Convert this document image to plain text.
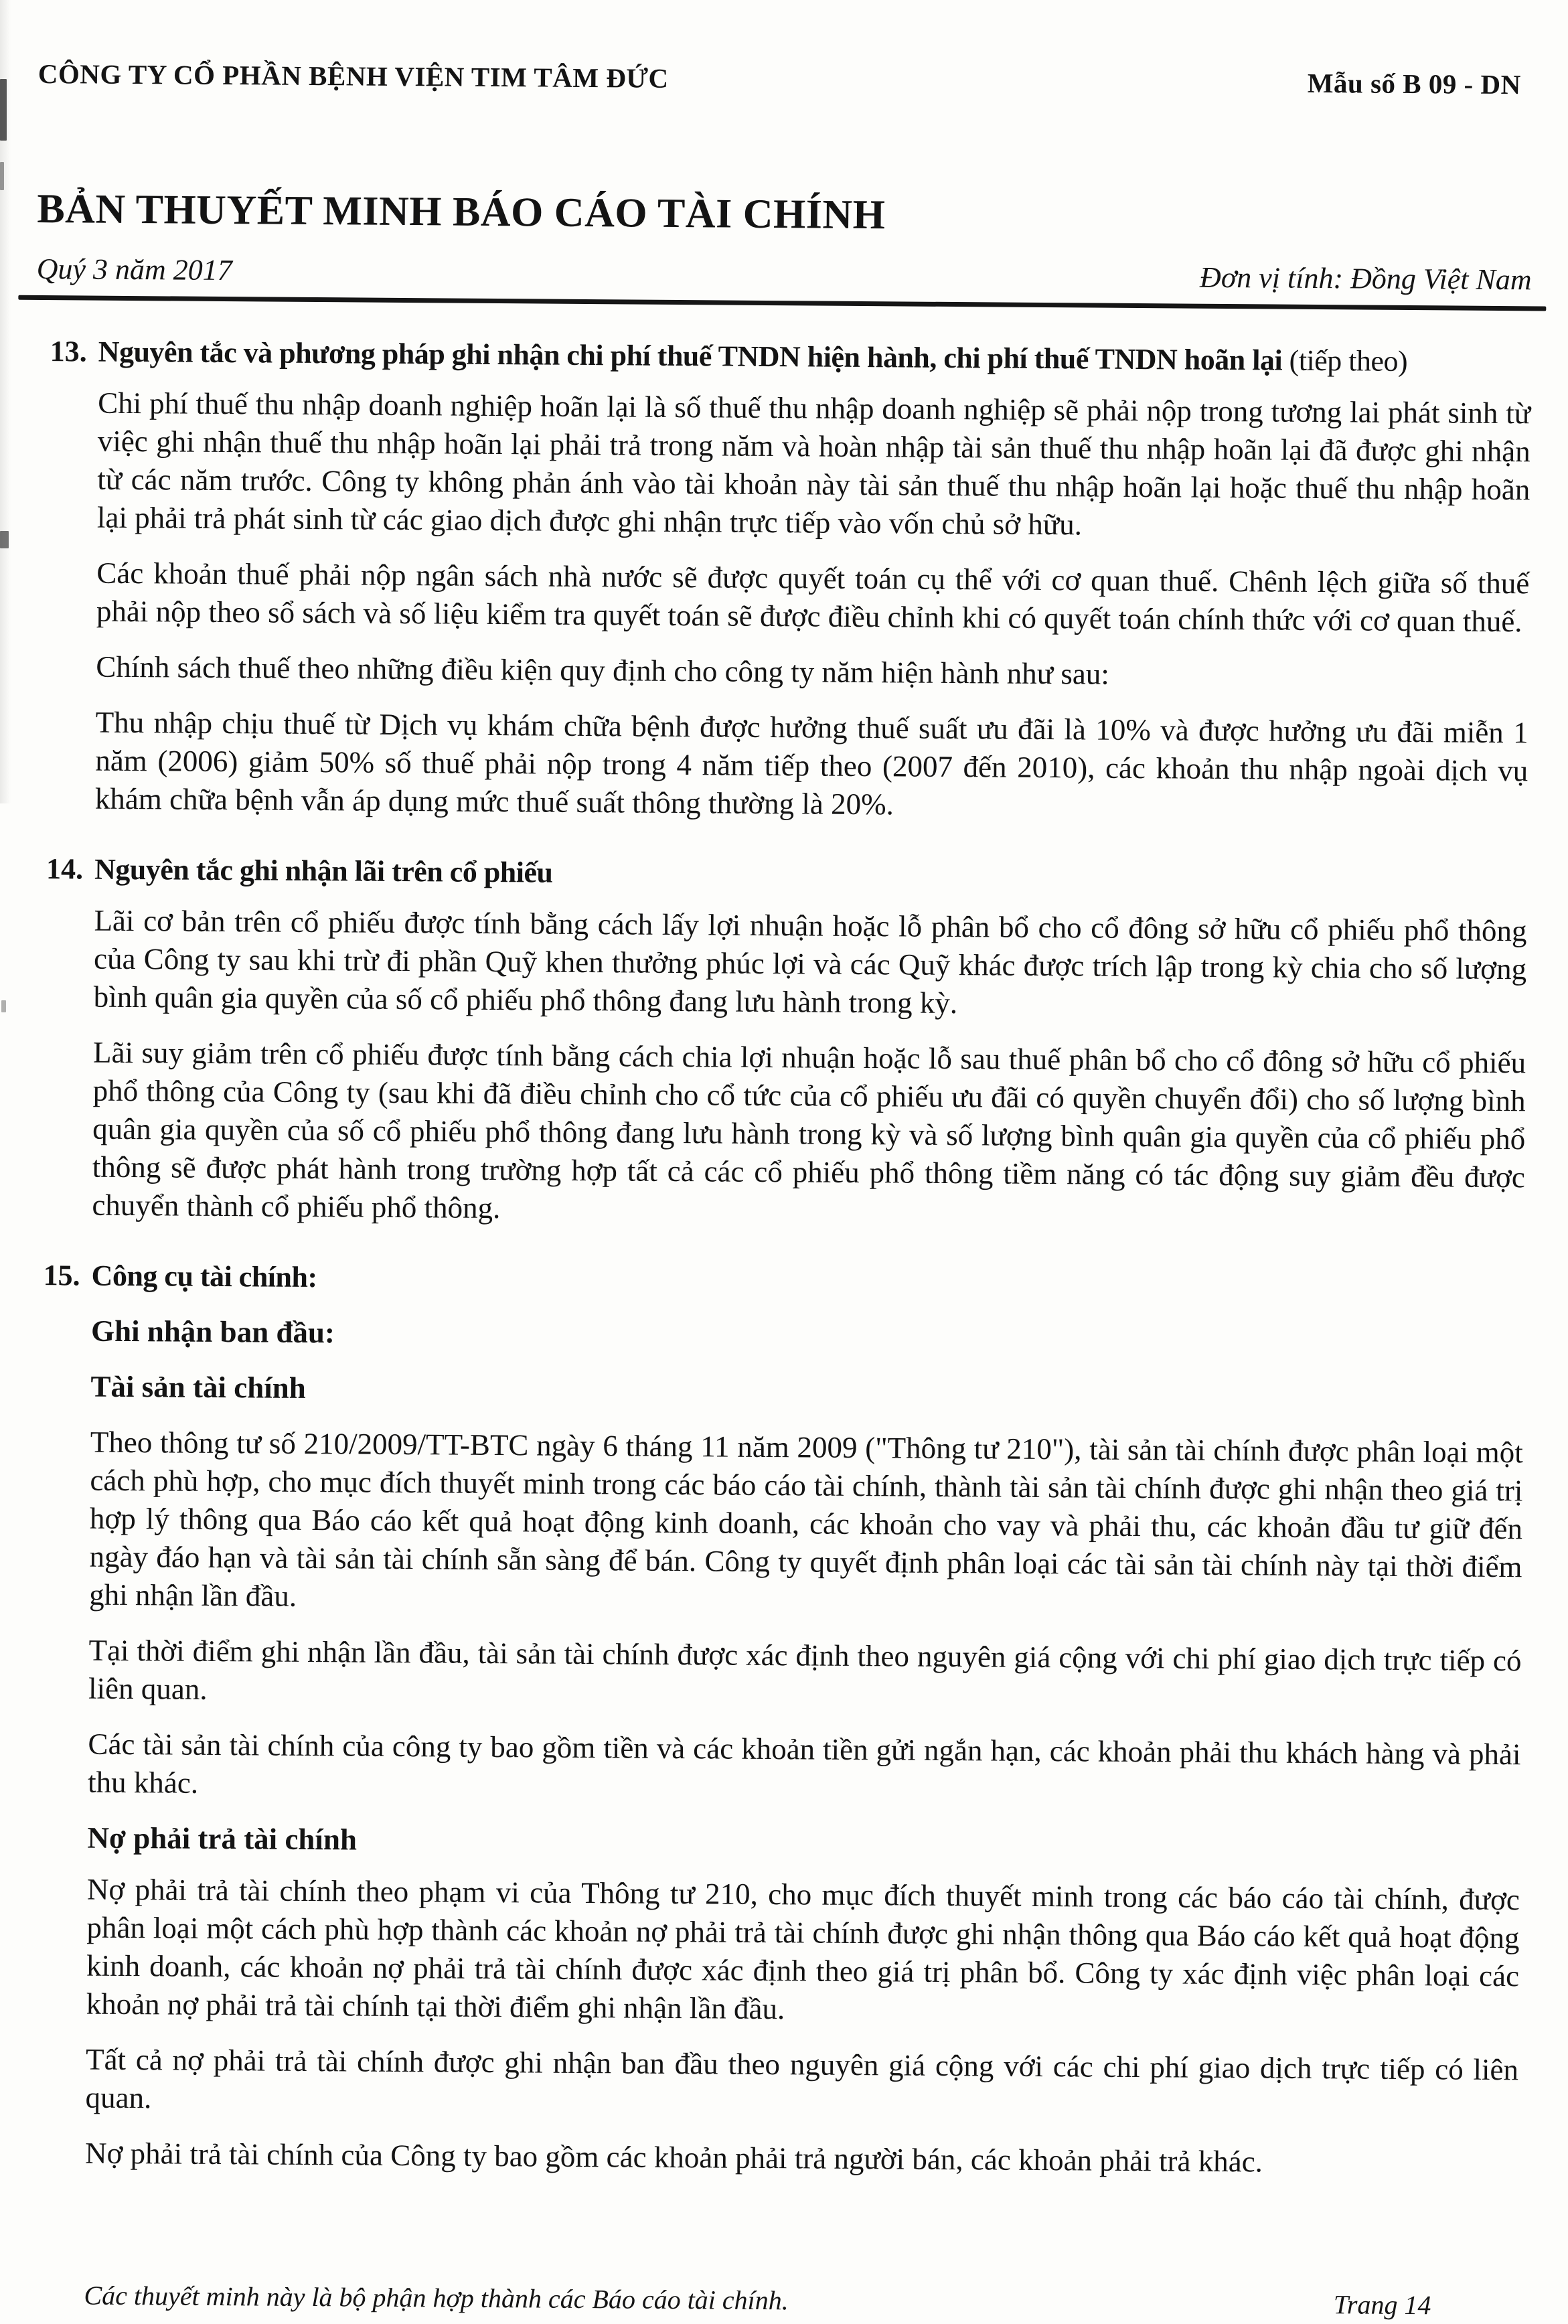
CÔNG TY CỔ PHẦN BỆNH VIỆN TIM TÂM ĐỨC	Mẫu số B 09 - DN
BẢN THUYẾT MINH BÁO CÁO TÀI CHÍNH
Quý 3 năm 2017	Đơn vị tính: Đồng Việt Nam
13. Nguyên tắc và phương pháp ghi nhận chi phí thuế TNDN hiện hành, chi phí thuế TNDN hoãn lại (tiếp theo)

Chi phí thuế thu nhập doanh nghiệp hoãn lại là số thuế thu nhập doanh nghiệp sẽ phải nộp trong tương lai phát sinh từ việc ghi nhận thuế thu nhập hoãn lại phải trả trong năm và hoàn nhập tài sản thuế thu nhập hoãn lại đã được ghi nhận từ các năm trước. Công ty không phản ánh vào tài khoản này tài sản thuế thu nhập hoãn lại hoặc thuế thu nhập hoãn lại phải trả phát sinh từ các giao dịch được ghi nhận trực tiếp vào vốn chủ sở hữu.

Các khoản thuế phải nộp ngân sách nhà nước sẽ được quyết toán cụ thể với cơ quan thuế. Chênh lệch giữa số thuế phải nộp theo sổ sách và số liệu kiểm tra quyết toán sẽ được điều chỉnh khi có quyết toán chính thức với cơ quan thuế.

Chính sách thuế theo những điều kiện quy định cho công ty năm hiện hành như sau:

Thu nhập chịu thuế từ Dịch vụ khám chữa bệnh được hưởng thuế suất ưu đãi là 10% và được hưởng ưu đãi miễn 1 năm (2006) giảm 50% số thuế phải nộp trong 4 năm tiếp theo (2007 đến 2010), các khoản thu nhập ngoài dịch vụ khám chữa bệnh vẫn áp dụng mức thuế suất thông thường là 20%.

14. Nguyên tắc ghi nhận lãi trên cổ phiếu

Lãi cơ bản trên cổ phiếu được tính bằng cách lấy lợi nhuận hoặc lỗ phân bổ cho cổ đông sở hữu cổ phiếu phổ thông của Công ty sau khi trừ đi phần Quỹ khen thưởng phúc lợi và các Quỹ khác được trích lập trong kỳ chia cho số lượng bình quân gia quyền của số cổ phiếu phổ thông đang lưu hành trong kỳ.

Lãi suy giảm trên cổ phiếu được tính bằng cách chia lợi nhuận hoặc lỗ sau thuế phân bổ cho cổ đông sở hữu cổ phiếu phổ thông của Công ty (sau khi đã điều chỉnh cho cổ tức của cổ phiếu ưu đãi có quyền chuyển đổi) cho số lượng bình quân gia quyền của số cổ phiếu phổ thông đang lưu hành trong kỳ và số lượng bình quân gia quyền của cổ phiếu phổ thông sẽ được phát hành trong trường hợp tất cả các cổ phiếu phổ thông tiềm năng có tác động suy giảm đều được chuyển thành cổ phiếu phổ thông.

15. Công cụ tài chính:
Ghi nhận ban đầu:
Tài sản tài chính

Theo thông tư số 210/2009/TT-BTC ngày 6 tháng 11 năm 2009 ("Thông tư 210"), tài sản tài chính được phân loại một cách phù hợp, cho mục đích thuyết minh trong các báo cáo tài chính, thành tài sản tài chính được ghi nhận theo giá trị hợp lý thông qua Báo cáo kết quả hoạt động kinh doanh, các khoản cho vay và phải thu, các khoản đầu tư giữ đến ngày đáo hạn và tài sản tài chính sẵn sàng để bán. Công ty quyết định phân loại các tài sản tài chính này tại thời điểm ghi nhận lần đầu.

Tại thời điểm ghi nhận lần đầu, tài sản tài chính được xác định theo nguyên giá cộng với chi phí giao dịch trực tiếp có liên quan.

Các tài sản tài chính của công ty bao gồm tiền và các khoản tiền gửi ngắn hạn, các khoản phải thu khách hàng và phải thu khác.

Nợ phải trả tài chính

Nợ phải trả tài chính theo phạm vi của Thông tư 210, cho mục đích thuyết minh trong các báo cáo tài chính, được phân loại một cách phù hợp thành các khoản nợ phải trả tài chính được ghi nhận thông qua Báo cáo kết quả hoạt động kinh doanh, các khoản nợ phải trả tài chính được xác định theo giá trị phân bổ. Công ty xác định việc phân loại các khoản nợ phải trả tài chính tại thời điểm ghi nhận lần đầu.

Tất cả nợ phải trả tài chính được ghi nhận ban đầu theo nguyên giá cộng với các chi phí giao dịch trực tiếp có liên quan.

Nợ phải trả tài chính của Công ty bao gồm các khoản phải trả người bán, các khoản phải trả khác.

Các thuyết minh này là bộ phận hợp thành các Báo cáo tài chính.	Trang 14
